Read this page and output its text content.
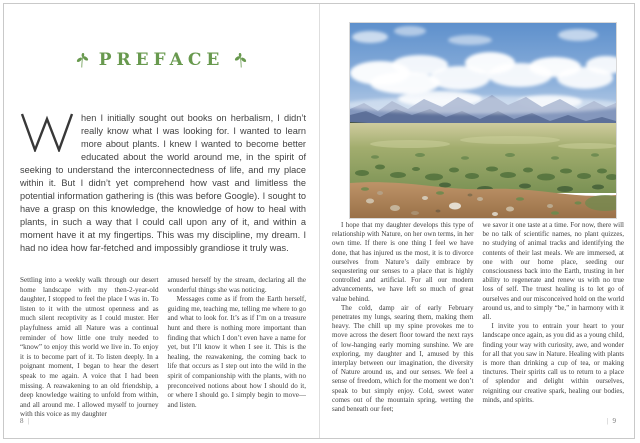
PREFACE
hen I initially sought out books on herbalism, I didn’t really know what I was looking for. I wanted to learn more about plants. I knew I wanted to become better educated about the world around me, in the spirit of seeking to understand the interconnectedness of life, and my place within it. But I didn’t yet comprehend how vast and limitless the potential information gathering is (this was before Google). I sought to have a grasp on this knowledge, the knowledge of how to heal with plants, in such a way that I could call upon any of it, and within a moment have it at my fingertips. This was my discipline, my dream. I had no idea how far-fetched and impossibly grandiose it truly was.

Settling into a weekly walk through our desert home landscape with my then-2-year-old daughter, I stopped to feel the place I was in. To listen to it with the utmost openness and as much silent receptivity as I could muster. Her playfulness amid all Nature was a continual reminder of how little one truly needed to “know” to enjoy this world we live in. To enjoy it is to become part of it. To listen deeply. In a poignant moment, I began to hear the desert speak to me again. A voice that I had been missing. A reawakening to an old friendship, a deep knowledge waiting to unfold from within, and all around me. I allowed myself to journey with this voice as my daughter

amused herself by the stream, declaring all the wonderful things she was noticing.

Messages come as if from the Earth herself, guiding me, teaching me, telling me where to go and what to look for. It’s as if I’m on a treasure hunt and there is nothing more important than finding that which I don’t even have a name for yet, but I’ll know it when I see it. This is the healing, the reawakening, the coming back to life that occurs as I step out into the wild in the spirit of companionship with the plants, with no preconceived notions about how I should do it, or where I should go. I simply begin to move—and listen.

8 |

I hope that my daughter develops this type of relationship with Nature, on her own terms, in her own time. If there is one thing I feel we have done, that has injured us the most, it is to divorce ourselves from Nature’s daily embrace by sequestering our senses to a place that is highly controlled and artificial. For all our modern advancements, we have left so much of great value behind.

The cold, damp air of early February penetrates my lungs, searing them, making them heavy. The chill up my spine provokes me to move across the desert floor toward the next rays of low-hanging early morning sunshine. We are exploring, my daughter and I, amused by this interplay between our imagination, the diversity of Nature around us, and our senses. We feel a sense of freedom, which for the moment we don’t speak to but simply enjoy. Cold, sweet water comes out of the mountain spring, wetting the sand beneath our feet;

we savor it one taste at a time. For now, there will be no talk of scientific names, no plant quizzes, no studying of animal tracks and identifying the contents of their last meals. We are immersed, at one with our home place, seeding our consciousness back into the Earth, trusting in her ability to regenerate and renew us with no true loss of self. The truest healing is to let go of ourselves and our misconceived hold on the world around us, and to simply “be,” in harmony with it all.

I invite you to entrain your heart to your landscape once again, as you did as a young child, finding your way with curiosity, awe, and wonder for all that you saw in Nature. Healing with plants is more than drinking a cup of tea, or making tinctures. Their spirits call us to return to a place of splendor and delight within ourselves, reigniting our creative spark, healing our bodies, minds, and spirits.

| 9
